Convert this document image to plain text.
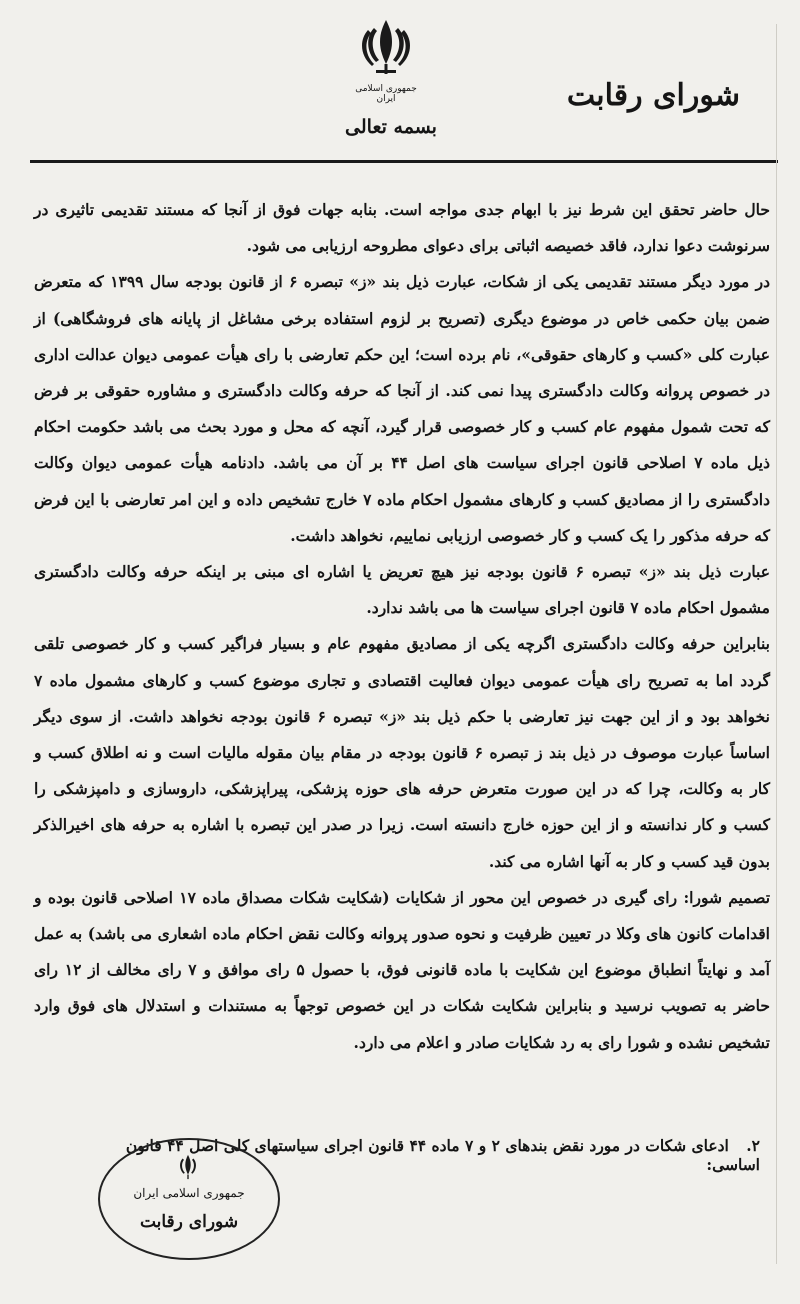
جمهوری اسلامی ایران	شورای رقابت
بسمه تعالی

حال حاضر تحقق این شرط نیز با ابهام جدی مواجه است. بنابه جهات فوق از آنجا که مستند تقدیمی تاثیری در سرنوشت دعوا ندارد، فاقد خصیصه اثباتی برای دعوای مطروحه ارزیابی می شود.

در مورد دیگر مستند تقدیمی یکی از شکات، عبارت ذیل بند «ز» تبصره ۶ از قانون بودجه سال ۱۳۹۹ که متعرض ضمن بیان حکمی خاص در موضوع دیگری (تصریح بر لزوم استفاده برخی مشاغل از پایانه های فروشگاهی) از عبارت کلی «کسب و کارهای حقوقی»، نام برده است؛ این حکم تعارضی با رای هیأت عمومی دیوان عدالت اداری در خصوص پروانه وکالت دادگستری پیدا نمی کند. از آنجا که حرفه وکالت دادگستری و مشاوره حقوقی بر فرض که تحت شمول مفهوم عام کسب و کار خصوصی قرار گیرد، آنچه که محل و مورد بحث می باشد حکومت احکام ذیل ماده ۷ اصلاحی قانون اجرای سیاست های اصل ۴۴ بر آن می باشد. دادنامه هیأت عمومی دیوان وکالت دادگستری را از مصادیق کسب و کارهای مشمول احکام ماده ۷ خارج تشخیص داده و این امر تعارضی با این فرض که حرفه مذکور را یک کسب و کار خصوصی ارزیابی نماییم، نخواهد داشت.

عبارت ذیل بند «ز» تبصره ۶ قانون بودجه نیز هیچ تعریض یا اشاره ای مبنی بر اینکه حرفه وکالت دادگستری مشمول احکام ماده ۷ قانون اجرای سیاست ها می باشد ندارد.

بنابراین حرفه وکالت دادگستری اگرچه یکی از مصادیق مفهوم عام و بسیار فراگیر کسب و کار خصوصی تلقی گردد اما به تصریح رای هیأت عمومی دیوان فعالیت اقتصادی و تجاری موضوع کسب و کارهای مشمول ماده ۷ نخواهد بود و از این جهت نیز تعارضی با حکم ذیل بند «ز» تبصره ۶ قانون بودجه نخواهد داشت. از سوی دیگر اساساً عبارت موصوف در ذیل بند ز تبصره ۶ قانون بودجه در مقام بیان مقوله مالیات است و نه اطلاق کسب و کار به وکالت، چرا که در این صورت متعرض حرفه های حوزه پزشکی، پیراپزشکی، داروسازی و دامپزشکی را کسب و کار ندانسته و از این حوزه خارج دانسته است. زیرا در صدر این تبصره با اشاره به حرفه های اخیرالذکر بدون قید کسب و کار به آنها اشاره می کند.

تصمیم شورا: رای گیری در خصوص این محور از شکایات (شکایت شکات مصداق ماده ۱۷ اصلاحی قانون بوده و اقدامات کانون های وکلا در تعیین ظرفیت و نحوه صدور پروانه وکالت نقض احکام ماده اشعاری می باشد) به عمل آمد و نهایتاً انطباق موضوع این شکایت با ماده قانونی فوق، با حصول ۵ رای موافق و ۷ رای مخالف از ۱۲ رای حاضر به تصویب نرسید و بنابراین شکایت شکات در این خصوص توجهاً به مستندات و استدلال های فوق وارد تشخیص نشده و شورا رای به رد شکایات صادر و اعلام می دارد.

۲. ادعای شکات در مورد نقض بندهای ۲ و ۷ ماده ۴۴ قانون اجرای سیاستهای کلی اصل ۴۴ قانون اساسی:
جمهوری اسلامی ایران
شورای رقابت
